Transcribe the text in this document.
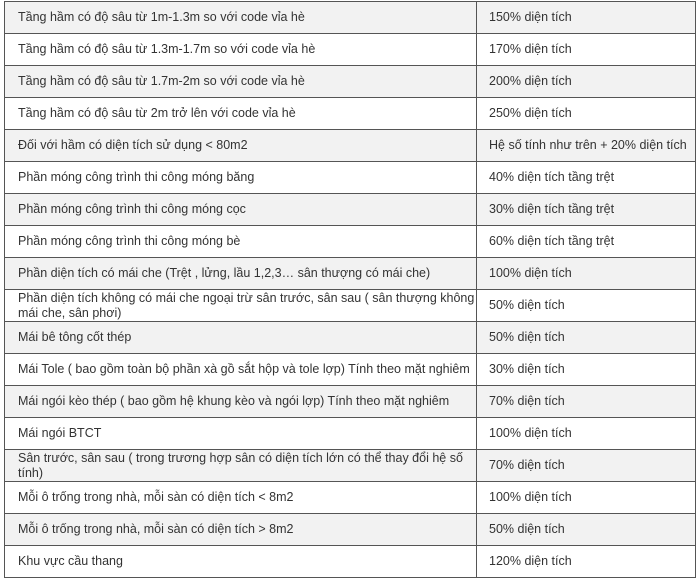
Tầng hầm có độ sâu từ 1m-1.3m so với code vỉa hè	150% diện tích
Tầng hầm có độ sâu từ 1.3m-1.7m so với code vỉa hè	170% diện tích
Tầng hầm có độ sâu từ 1.7m-2m so với code vỉa hè	200% diện tích
Tầng hầm có độ sâu từ 2m trở lên với code vỉa hè	250% diện tích
Đối với hầm có diện tích sử dụng < 80m2	Hệ số tính như trên + 20% diện tích
Phần móng công trình thi công móng băng	40% diện tích tầng trệt
Phần móng công trình thi công móng cọc	30% diện tích tầng trệt
Phần móng công trình thi công móng bè	60% diện tích tầng trệt
Phần diện tích có mái che (Trệt , lửng, lầu 1,2,3… sân thượng có mái che)	100% diện tích
Phần diện tích không có mái che ngoại trừ sân trước, sân sau ( sân thượng không mái che, sân phơi)	50% diện tích
Mái bê tông cốt thép	50% diện tích
Mái Tole ( bao gồm toàn bộ phần xà gồ sắt hộp và tole lợp) Tính theo mặt nghiêm	30% diện tích
Mái ngói kèo thép ( bao gồm hệ khung kèo và ngói lợp) Tính theo mặt nghiêm	70% diện tích
Mái ngói BTCT	100% diện tích
Sân trước, sân sau ( trong trương hợp sân có diện tích lớn có thể thay đổi hệ số tính)	70% diện tích
Mỗi ô trống trong nhà, mỗi sàn có diện tích < 8m2	100% diện tích
Mỗi ô trống trong nhà, mỗi sàn có diện tích > 8m2	50% diện tích
Khu vực cầu thang	120% diện tích
